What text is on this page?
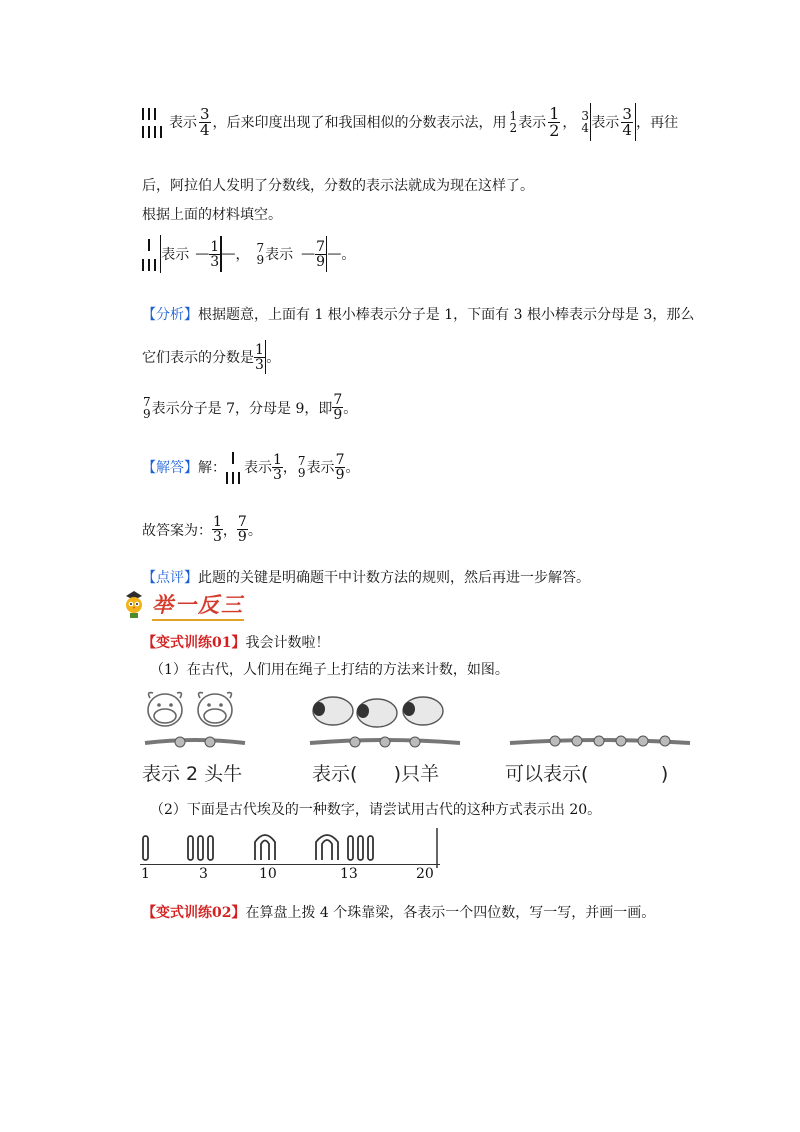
表示 $\frac{3}{4}$ ，后来印度出现了和我国相似的分数表示法，用 1
2 表示 $\frac{1}{2}$ ， 3
4 表示 $\frac{3}{4}$ ，再往
后，阿拉伯人发明了分数线，分数的表示法就成为现在这样了。
根据上面的材料填空。
表示 — $\frac{1}{3}$ — ， 7
9 表示 — $\frac{7}{9}$ — 。
【分析】根据题意，上面有 1 根小棒表示分子是 1，下面有 3 根小棒表示分母是 3，那么
它们表示的分数是 $\frac{1}{3}$ 。
7
9 表示分子是 7，分母是 9，即 $\frac{7}{9}$ 。
【解答】 解： 表示 $\frac{1}{3}$ ， 7
9 表示 $\frac{7}{9}$ 。
故答案为： $\frac{1}{3}$ ， $\frac{7}{9}$ 。
【点评】此题的关键是明确题干中计数方法的规则，然后再进一步解答。
举一反三
【变式训练01】我会计数啦！
（1）在古代，人们用在绳子上打结的方法来计数，如图。
表示 2 头牛	表示(      )只羊	可以表示(            )
（2）下面是古代埃及的一种数字，请尝试用古代的这种方式表示出 20。
1	3	10	13	20
【变式训练02】在算盘上拨 4 个珠靠梁，各表示一个四位数，写一写，并画一画。
